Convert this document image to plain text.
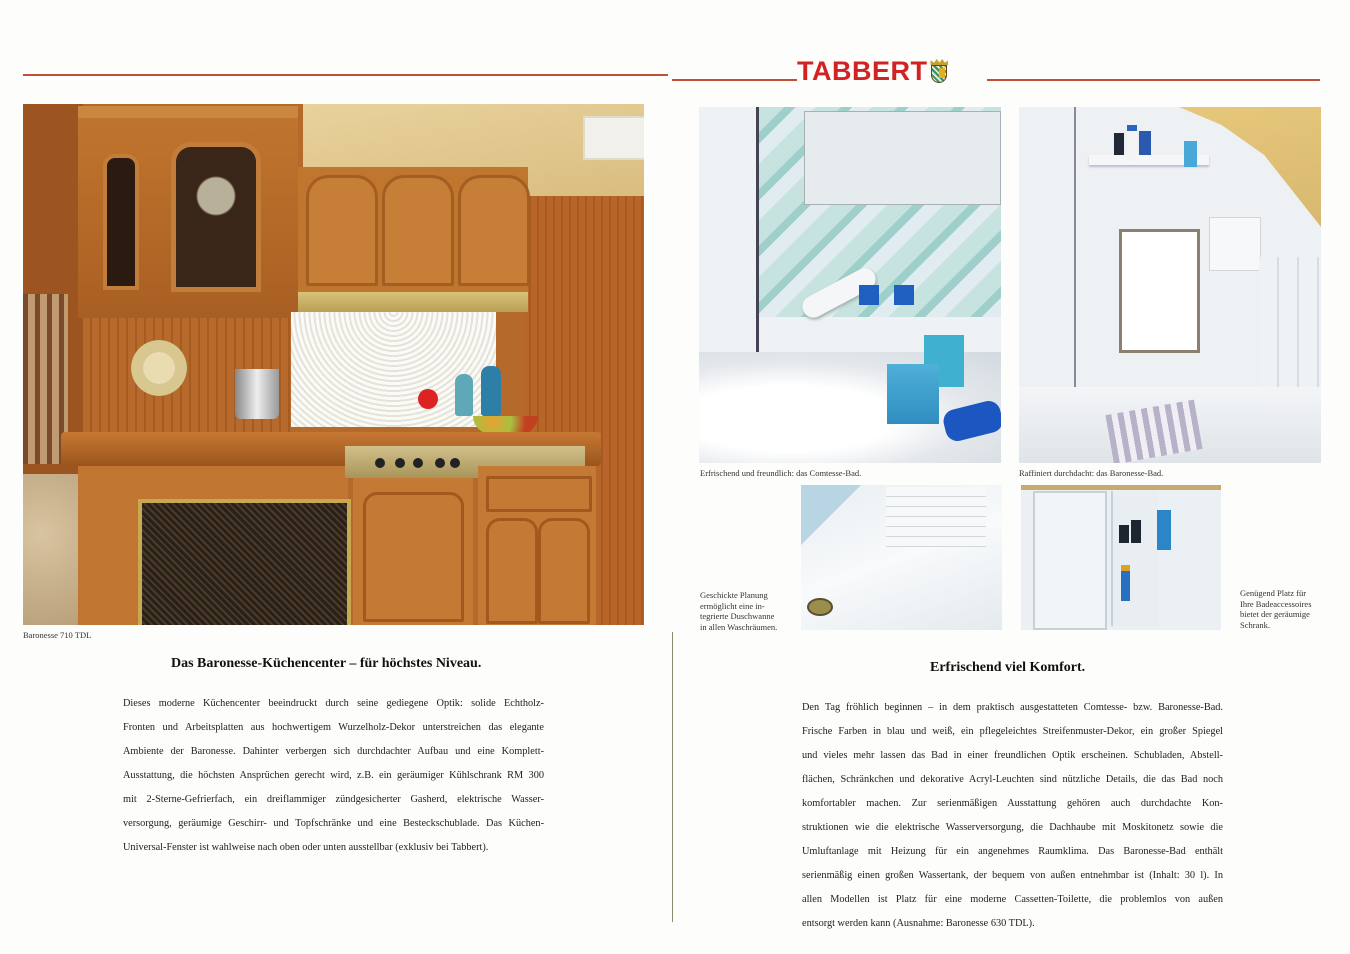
TABBERT
Baronesse 710 TDL
Das Baronesse-Küchencenter – für höchstes Niveau.
Dieses moderne Küchencenter beeindruckt durch seine gediegene Optik: solide Echtholz-
Fronten und Arbeitsplatten aus hochwertigem Wurzelholz-Dekor unterstreichen das elegante
Ambiente der Baronesse. Dahinter verbergen sich durchdachter Aufbau und eine Komplett-
Ausstattung, die höchsten Ansprüchen gerecht wird, z.B. ein geräumiger Kühlschrank RM 300
mit 2-Sterne-Gefrierfach, ein dreiflammiger zündgesicherter Gasherd, elektrische Wasser-
versorgung, geräumige Geschirr- und Topfschränke und eine Besteckschublade. Das Küchen-
Universal-Fenster ist wahlweise nach oben oder unten ausstellbar (exklusiv bei Tabbert).
Erfrischend und freundlich: das Comtesse-Bad.	Raffiniert durchdacht: das Baronesse-Bad.
Geschickte Planung
ermöglicht eine in-
tegrierte Duschwanne
in allen Waschräumen.
Genügend Platz für
Ihre Badeaccessoires
bietet der geräumige
Schrank.
Erfrischend viel Komfort.
Den Tag fröhlich beginnen – in dem praktisch ausgestatteten Comtesse- bzw. Baronesse-Bad.
Frische Farben in blau und weiß, ein pflegeleichtes Streifenmuster-Dekor, ein großer Spiegel
und vieles mehr lassen das Bad in einer freundlichen Optik erscheinen. Schubladen, Abstell-
flächen, Schränkchen und dekorative Acryl-Leuchten sind nützliche Details, die das Bad noch
komfortabler machen. Zur serienmäßigen Ausstattung gehören auch durchdachte Kon-
struktionen wie die elektrische Wasserversorgung, die Dachhaube mit Moskitonetz sowie die
Umluftanlage mit Heizung für ein angenehmes Raumklima. Das Baronesse-Bad enthält
serienmäßig einen großen Wassertank, der bequem von außen entnehmbar ist (Inhalt: 30 l). In
allen Modellen ist Platz für eine moderne Cassetten-Toilette, die problemlos von außen
entsorgt werden kann (Ausnahme: Baronesse 630 TDL).
